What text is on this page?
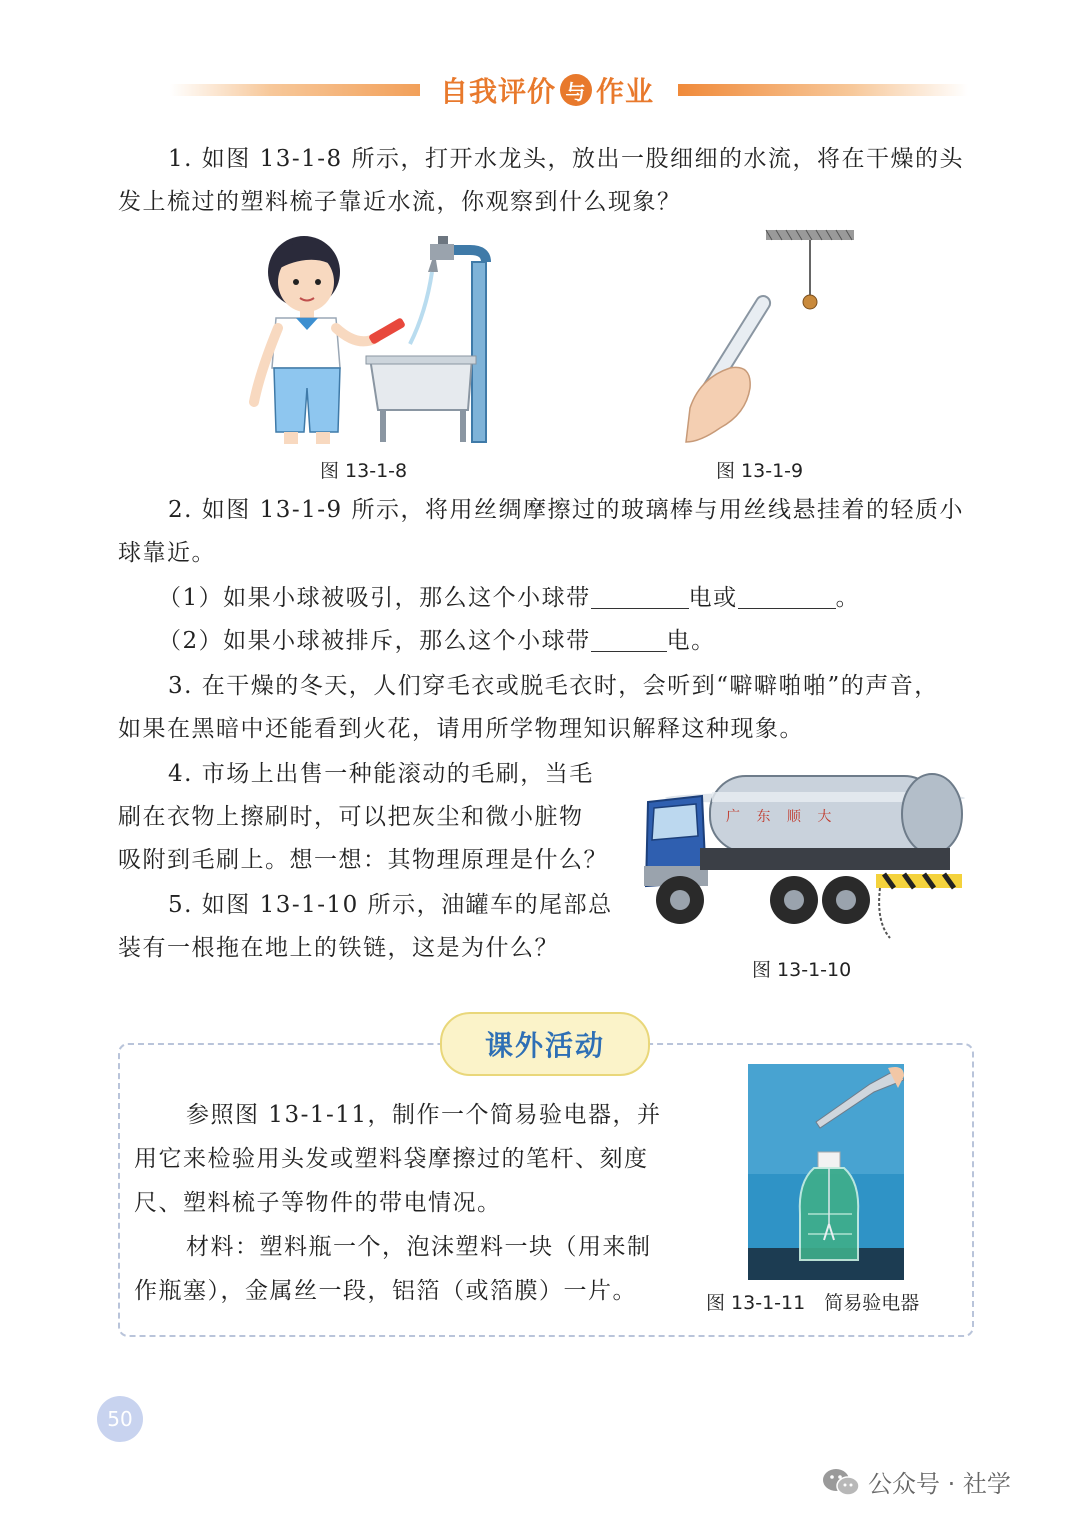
自我评价 与 作业
1. 如图 13-1-8 所示，打开水龙头，放出一股细细的水流，将在干燥的头
发上梳过的塑料梳子靠近水流，你观察到什么现象？
图 13-1-8	图 13-1-9
2. 如图 13-1-9 所示，将用丝绸摩擦过的玻璃棒与用丝线悬挂着的轻质小
球靠近。
（1）如果小球被吸引，那么这个小球带	电或	。
（2）如果小球被排斥，那么这个小球带	电。
3. 在干燥的冬天，人们穿毛衣或脱毛衣时，会听到“噼噼啪啪”的声音，
如果在黑暗中还能看到火花，请用所学物理知识解释这种现象。
4. 市场上出售一种能滚动的毛刷，当毛
刷在衣物上擦刷时，可以把灰尘和微小脏物
吸附到毛刷上。想一想：其物理原理是什么？
5. 如图 13-1-10 所示，油罐车的尾部总
装有一根拖在地上的铁链，这是为什么？
广 东 顺 大
图 13-1-10
课外活动
参照图 13-1-11，制作一个简易验电器，并
用它来检验用头发或塑料袋摩擦过的笔杆、刻度
尺、塑料梳子等物件的带电情况。
材料：塑料瓶一个，泡沫塑料一块（用来制
作瓶塞），金属丝一段，铝箔（或箔膜）一片。	图 13-1-11　简易验电器
50
公众号 · 社学
